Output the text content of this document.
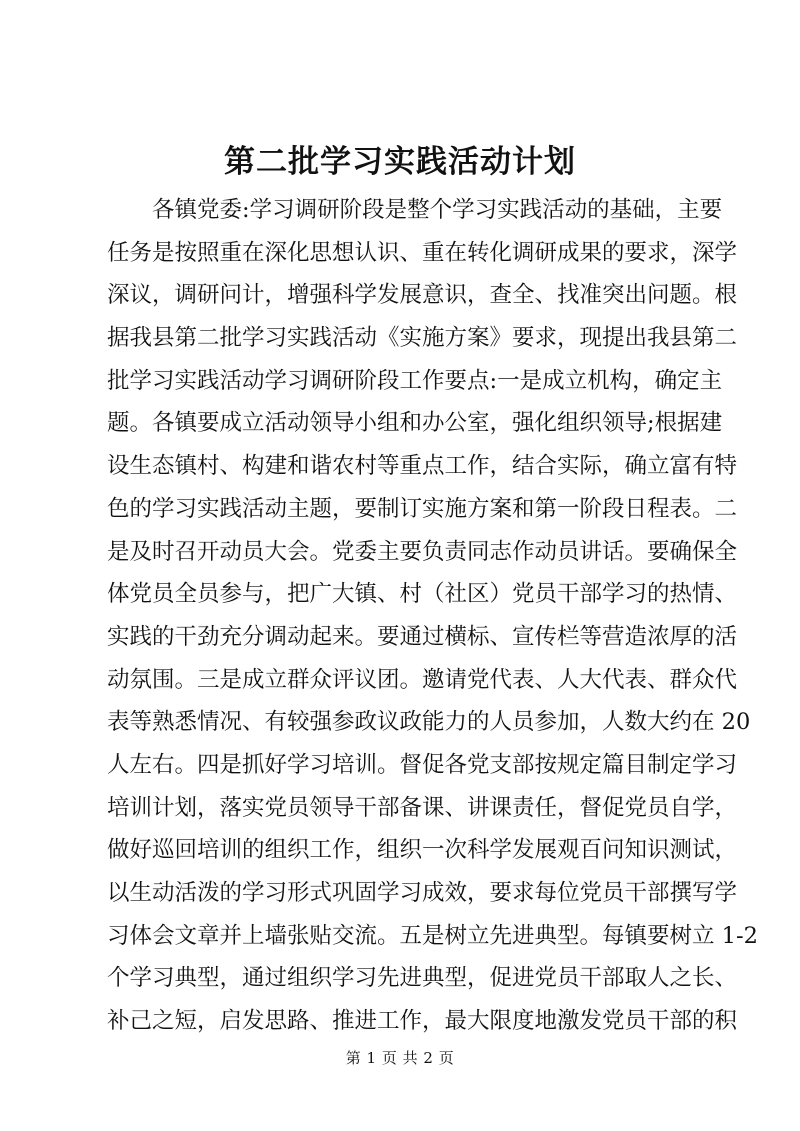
第二批学习实践活动计划
各镇党委:学习调研阶段是整个学习实践活动的基础，主要
任务是按照重在深化思想认识、重在转化调研成果的要求，深学
深议，调研问计，增强科学发展意识，查全、找准突出问题。根
据我县第二批学习实践活动《实施方案》要求，现提出我县第二
批学习实践活动学习调研阶段工作要点:一是成立机构，确定主
题。各镇要成立活动领导小组和办公室，强化组织领导;根据建
设生态镇村、构建和谐农村等重点工作，结合实际，确立富有特
色的学习实践活动主题，要制订实施方案和第一阶段日程表。二
是及时召开动员大会。党委主要负责同志作动员讲话。要确保全
体党员全员参与，把广大镇、村（社区）党员干部学习的热情、
实践的干劲充分调动起来。要通过横标、宣传栏等营造浓厚的活
动氛围。三是成立群众评议团。邀请党代表、人大代表、群众代
表等熟悉情况、有较强参政议政能力的人员参加，人数大约在 20
人左右。四是抓好学习培训。督促各党支部按规定篇目制定学习
培训计划，落实党员领导干部备课、讲课责任，督促党员自学，
做好巡回培训的组织工作，组织一次科学发展观百问知识测试，
以生动活泼的学习形式巩固学习成效，要求每位党员干部撰写学
习体会文章并上墙张贴交流。五是树立先进典型。每镇要树立 1-2
个学习典型，通过组织学习先进典型，促进党员干部取人之长、
补己之短，启发思路、推进工作，最大限度地激发党员干部的积
第 1 页 共 2 页
